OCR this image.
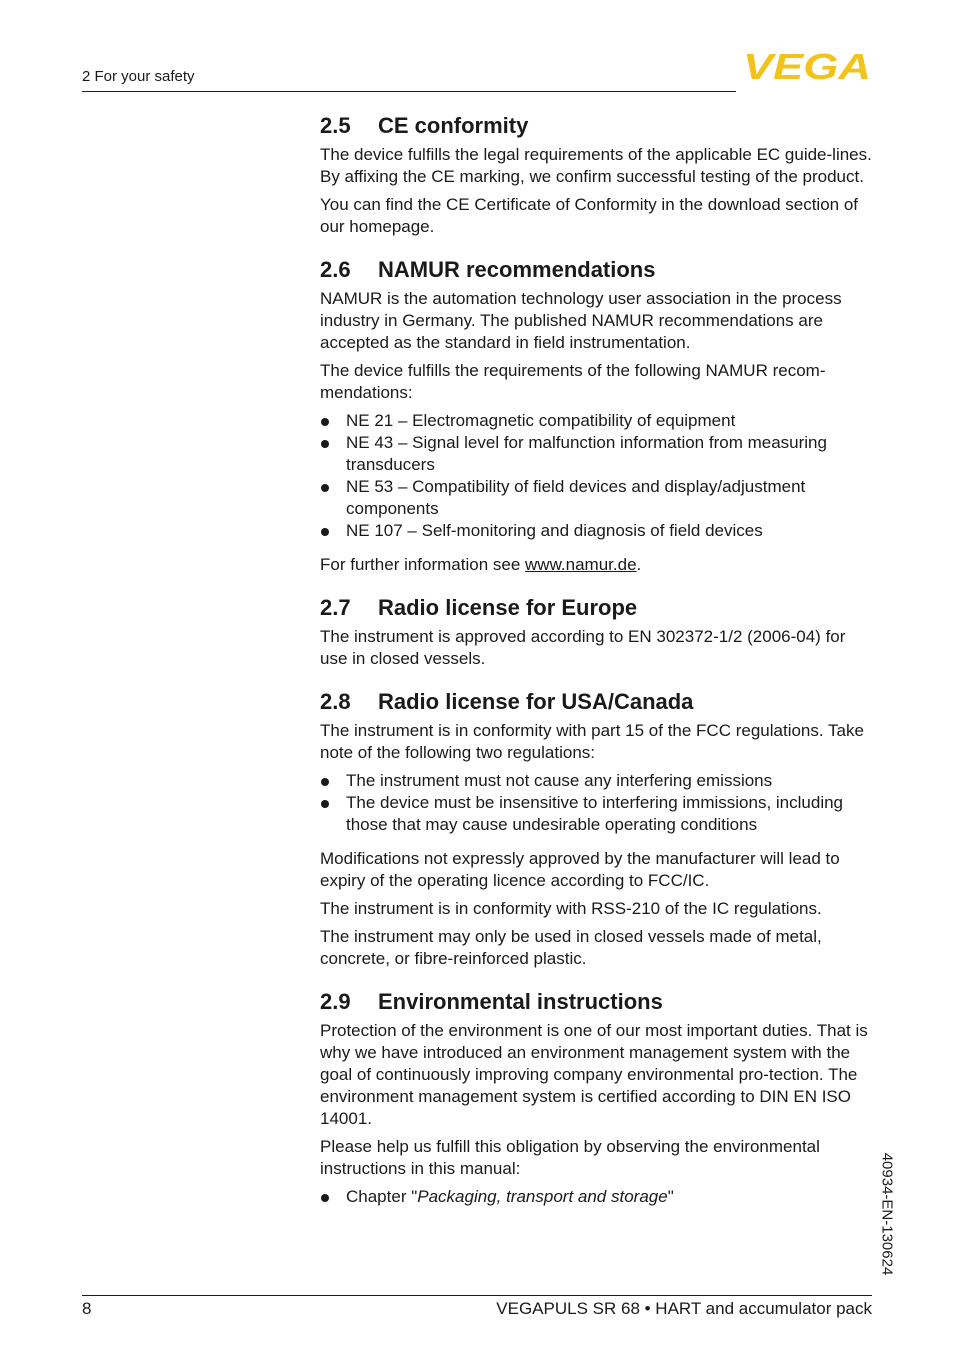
2 For your safety	VEGA
2.5 CE conformity

The device fulfills the legal requirements of the applicable EC guide-lines. By affixing the CE marking, we confirm successful testing of the product.

You can find the CE Certificate of Conformity in the download section of our homepage.

2.6 NAMUR recommendations

NAMUR is the automation technology user association in the process industry in Germany. The published NAMUR recommendations are accepted as the standard in field instrumentation.

The device fulfills the requirements of the following NAMUR recom-mendations:

NE 21 – Electromagnetic compatibility of equipment
NE 43 – Signal level for malfunction information from measuring transducers
NE 53 – Compatibility of field devices and display/adjustment components
NE 107 – Self-monitoring and diagnosis of field devices

For further information see www.namur.de.

2.7 Radio license for Europe

The instrument is approved according to EN 302372-1/2 (2006-04) for use in closed vessels.

2.8 Radio license for USA/Canada

The instrument is in conformity with part 15 of the FCC regulations. Take note of the following two regulations:

The instrument must not cause any interfering emissions
The device must be insensitive to interfering immissions, including those that may cause undesirable operating conditions

Modifications not expressly approved by the manufacturer will lead to expiry of the operating licence according to FCC/IC.

The instrument is in conformity with RSS-210 of the IC regulations.

The instrument may only be used in closed vessels made of metal, concrete, or fibre-reinforced plastic.

2.9 Environmental instructions

Protection of the environment is one of our most important duties. That is why we have introduced an environment management system with the goal of continuously improving company environmental pro-tection. The environment management system is certified according to DIN EN ISO 14001.

Please help us fulfill this obligation by observing the environmental instructions in this manual:

Chapter "Packaging, transport and storage"	40934-EN-130624
8	VEGAPULS SR 68 • HART and accumulator pack
